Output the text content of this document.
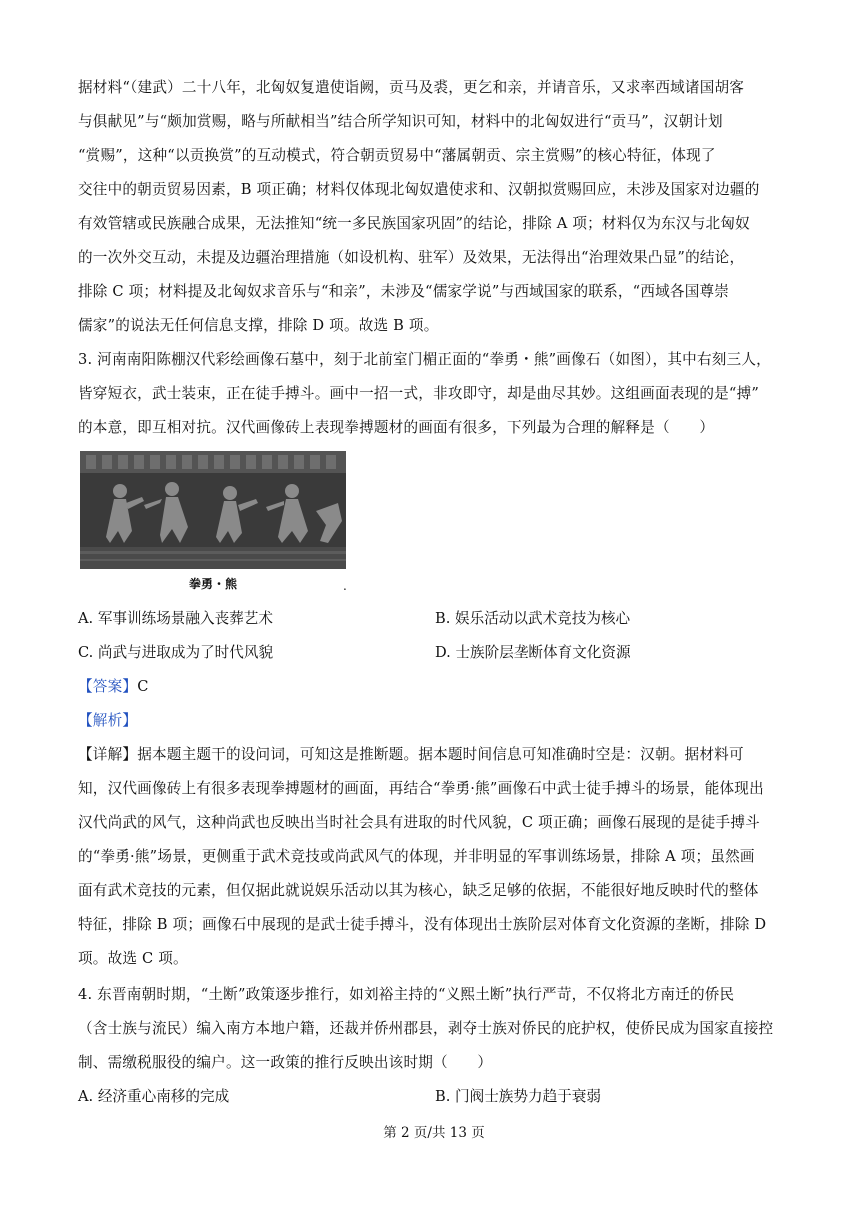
据材料“（建武）二十八年，北匈奴复遣使诣阙，贡马及裘，更乞和亲，并请音乐，又求率西域诸国胡客
与俱献见”与“颇加赏赐，略与所献相当”结合所学知识可知，材料中的北匈奴进行“贡马”，汉朝计划
“赏赐”，这种“以贡换赏”的互动模式，符合朝贡贸易中“藩属朝贡、宗主赏赐”的核心特征，体现了
交往中的朝贡贸易因素，B 项正确；材料仅体现北匈奴遣使求和、汉朝拟赏赐回应，未涉及国家对边疆的
有效管辖或民族融合成果，无法推知“统一多民族国家巩固”的结论，排除 A 项；材料仅为东汉与北匈奴
的一次外交互动，未提及边疆治理措施（如设机构、驻军）及效果，无法得出“治理效果凸显”的结论，
排除 C 项；材料提及北匈奴求音乐与“和亲”，未涉及“儒家学说”与西域国家的联系，“西域各国尊崇
儒家”的说法无任何信息支撑，排除 D 项。故选 B 项。
3. 河南南阳陈棚汉代彩绘画像石墓中，刻于北前室门楣正面的“拳勇・熊”画像石（如图），其中右刻三人，
皆穿短衣，武士装束，正在徒手搏斗。画中一招一式，非攻即守，却是曲尽其妙。这组画面表现的是“搏”
的本意，即互相对抗。汉代画像砖上表现拳搏题材的画面有很多，下列最为合理的解释是（　　）
拳勇・熊	.
A. 军事训练场景融入丧葬艺术	B. 娱乐活动以武术竞技为核心
C. 尚武与进取成为了时代风貌	D. 士族阶层垄断体育文化资源
【答案】C
【解析】
【详解】据本题主题干的设问词，可知这是推断题。据本题时间信息可知准确时空是：汉朝。据材料可
知，汉代画像砖上有很多表现拳搏题材的画面，再结合“拳勇·熊”画像石中武士徒手搏斗的场景，能体现出
汉代尚武的风气，这种尚武也反映出当时社会具有进取的时代风貌，C 项正确；画像石展现的是徒手搏斗
的“拳勇·熊”场景，更侧重于武术竞技或尚武风气的体现，并非明显的军事训练场景，排除 A 项；虽然画
面有武术竞技的元素，但仅据此就说娱乐活动以其为核心，缺乏足够的依据，不能很好地反映时代的整体
特征，排除 B 项；画像石中展现的是武士徒手搏斗，没有体现出士族阶层对体育文化资源的垄断，排除 D
项。故选 C 项。
4. 东晋南朝时期，“土断”政策逐步推行，如刘裕主持的“义熙土断”执行严苛，不仅将北方南迁的侨民
（含士族与流民）编入南方本地户籍，还裁并侨州郡县，剥夺士族对侨民的庇护权，使侨民成为国家直接控
制、需缴税服役的编户。这一政策的推行反映出该时期（　　）
A. 经济重心南移的完成	B. 门阀士族势力趋于衰弱
第 2 页/共 13 页
